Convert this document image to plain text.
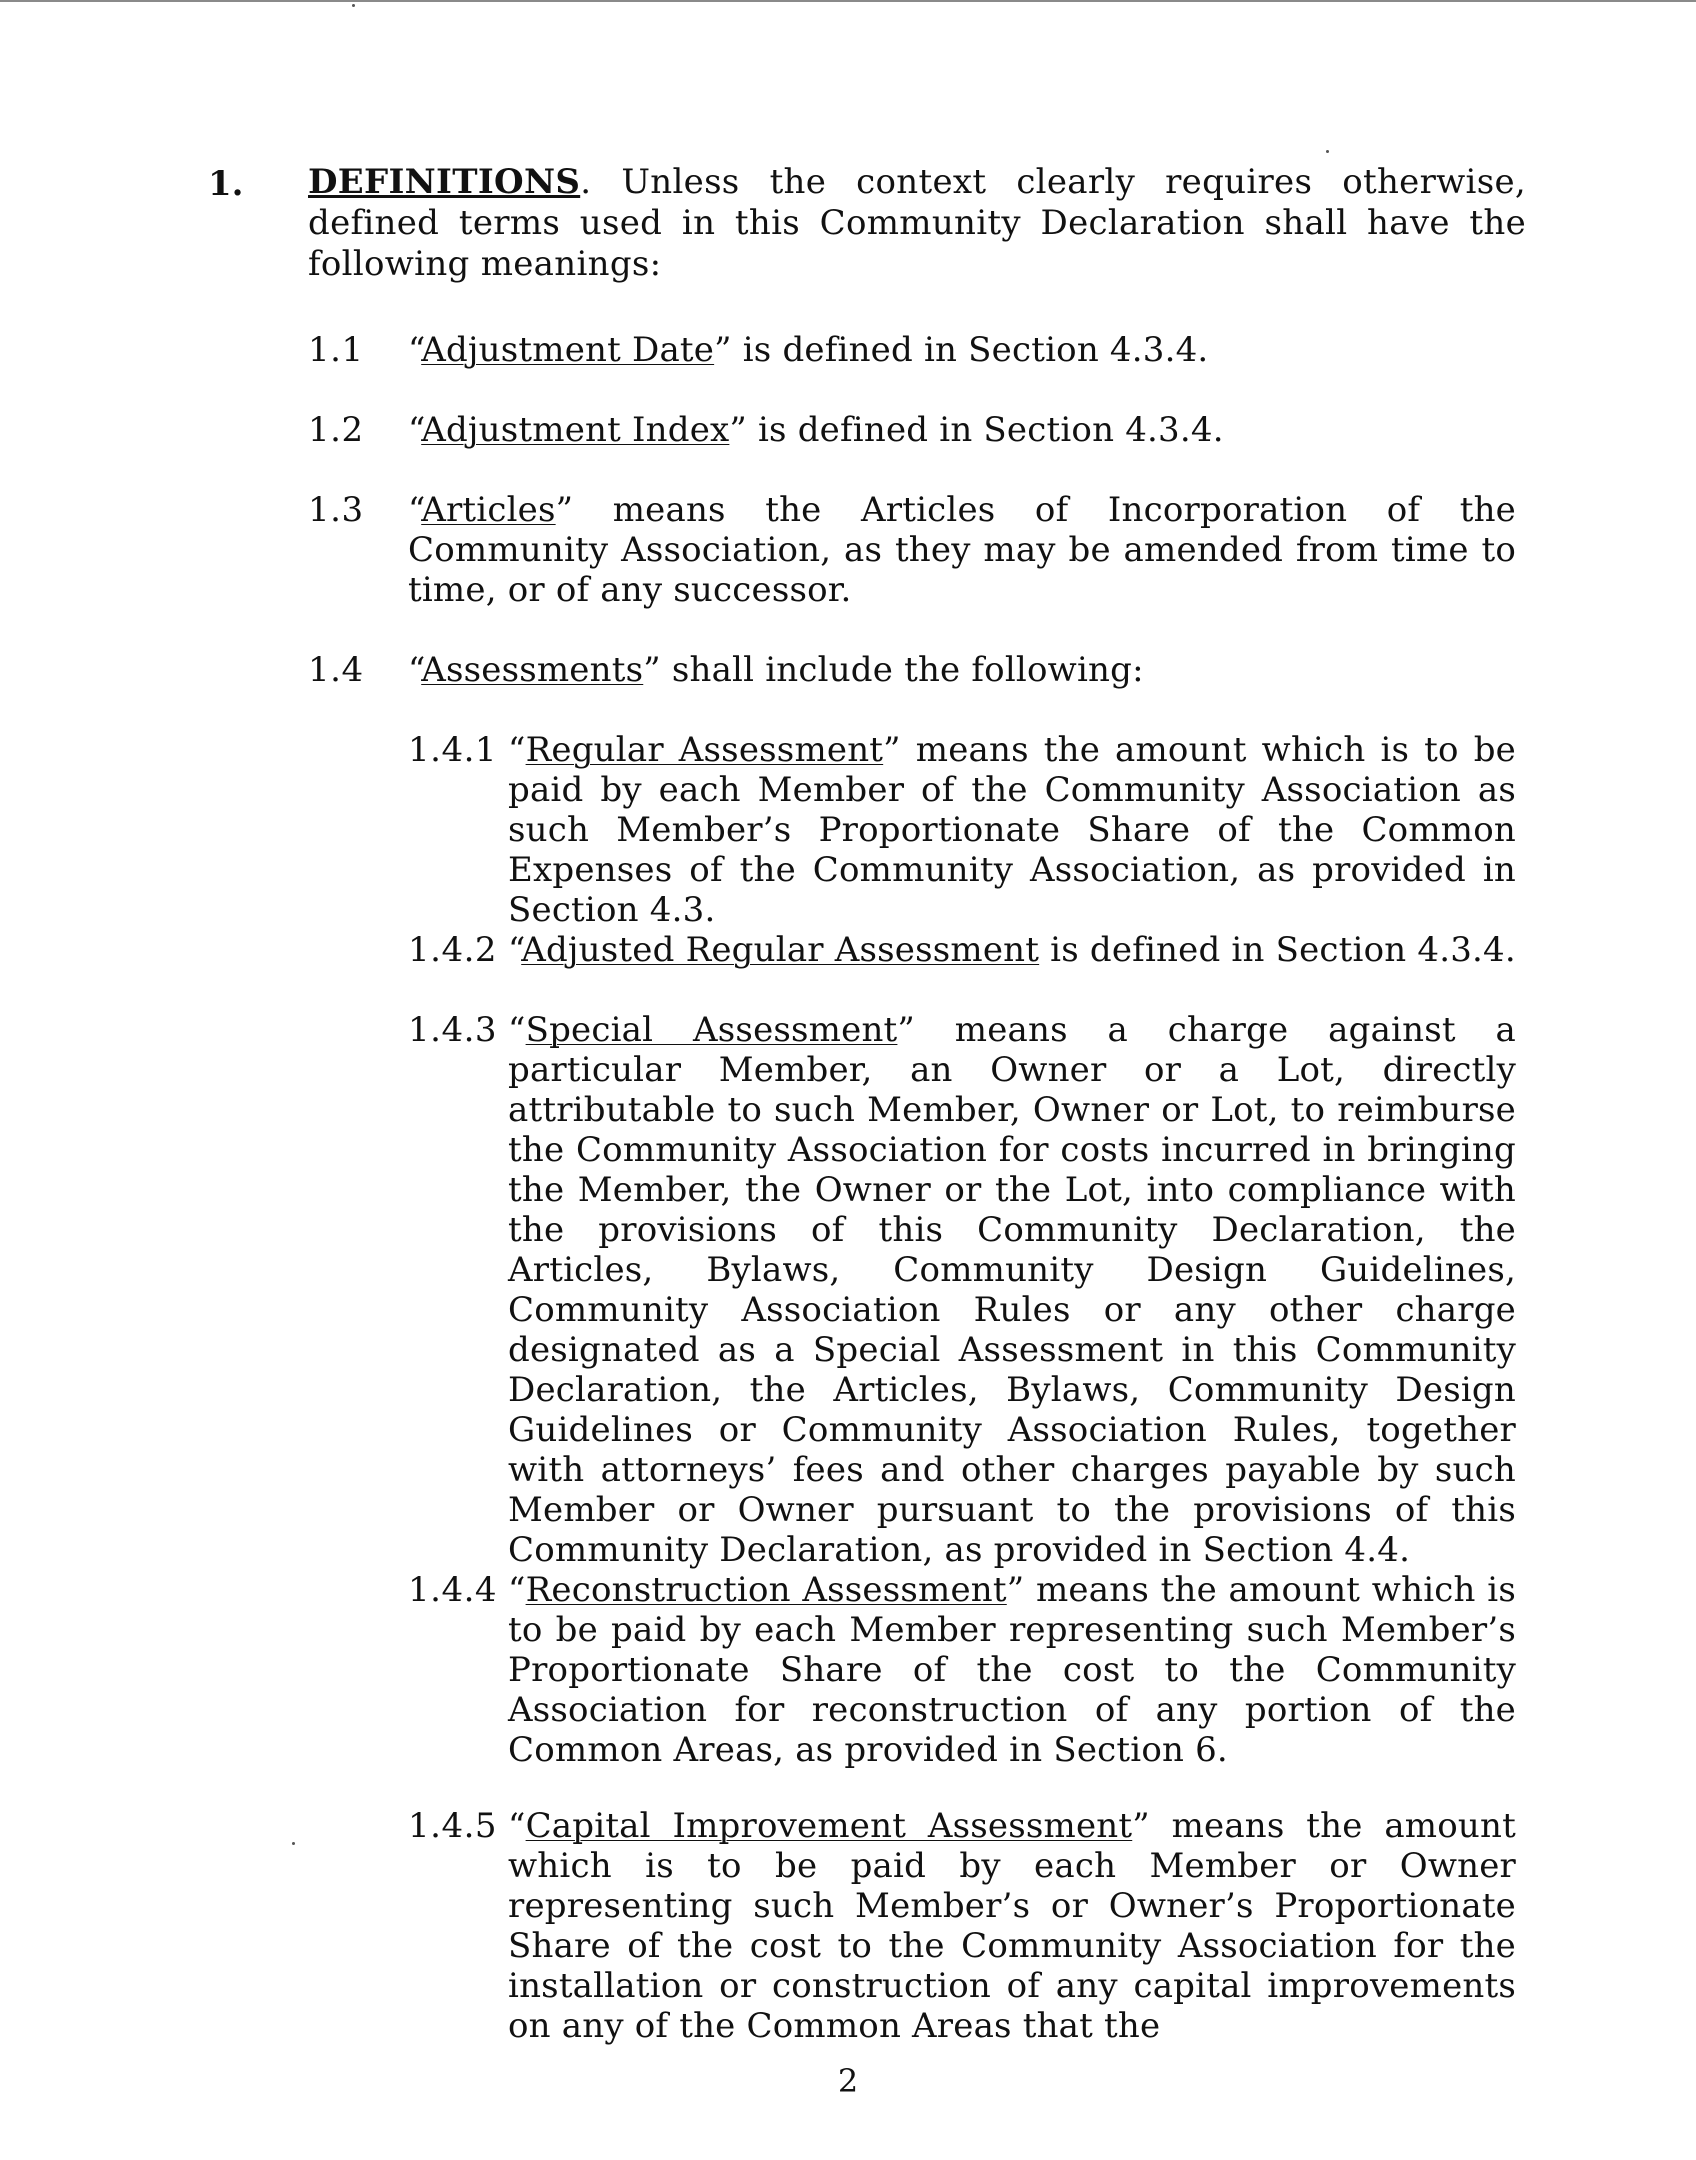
1. DEFINITIONS. Unless the context clearly requires otherwise, defined terms used in this Community Declaration shall have the following meanings:
1.1 “Adjustment Date” is defined in Section 4.3.4.
1.2 “Adjustment Index” is defined in Section 4.3.4.
1.3 “Articles” means the Articles of Incorporation of the Community Association, as they may be amended from time to time, or of any successor.
1.4 “Assessments” shall include the following:
1.4.1 “Regular Assessment” means the amount which is to be paid by each Member of the Community Association as such Member’s Proportionate Share of the Common Expenses of the Community Association, as provided in Section 4.3.
1.4.2 “Adjusted Regular Assessment is defined in Section 4.3.4.
1.4.3 “Special Assessment” means a charge against a particular Member, an Owner or a Lot, directly attributable to such Member, Owner or Lot, to reimburse the Community Association for costs incurred in bringing the Member, the Owner or the Lot, into compliance with the provisions of this Community Declaration, the Articles, Bylaws, Community Design Guidelines, Community Association Rules or any other charge designated as a Special Assessment in this Community Declaration, the Articles, Bylaws, Community Design Guidelines or Community Association Rules, together with attorneys’ fees and other charges payable by such Member or Owner pursuant to the provisions of this Community Declaration, as provided in Section 4.4.
1.4.4 “Reconstruction Assessment” means the amount which is to be paid by each Member representing such Member’s Proportionate Share of the cost to the Community Association for reconstruction of any portion of the Common Areas, as provided in Section 6.
1.4.5 “Capital Improvement Assessment” means the amount which is to be paid by each Member or Owner representing such Member’s or Owner’s Proportionate Share of the cost to the Community Association for the installation or construction of any capital improvements on any of the Common Areas that the
2
